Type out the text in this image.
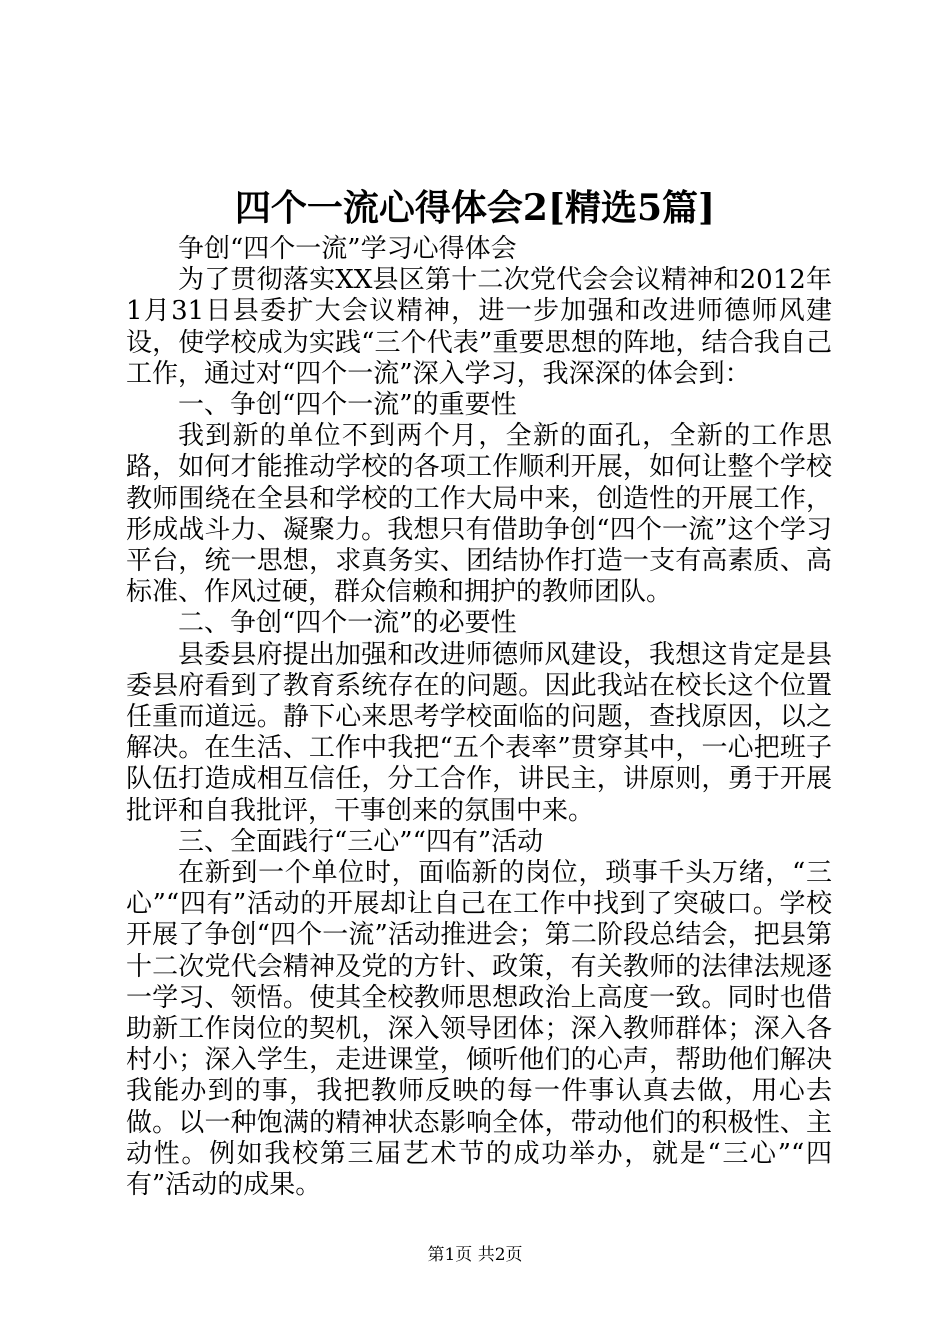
四个一流心得体会2[精选5篇]

争创“四个一流”学习心得体会

为了贯彻落实XX县区第十二次党代会会议精神和2012年1月31日县委扩大会议精神，进一步加强和改进师德师风建设，使学校成为实践“三个代表”重要思想的阵地，结合我自己工作，通过对“四个一流”深入学习，我深深的体会到：

一、争创“四个一流”的重要性

我到新的单位不到两个月，全新的面孔，全新的工作思路，如何才能推动学校的各项工作顺利开展，如何让整个学校教师围绕在全县和学校的工作大局中来，创造性的开展工作，形成战斗力、凝聚力。我想只有借助争创“四个一流”这个学习平台，统一思想，求真务实、团结协作打造一支有高素质、高标准、作风过硬，群众信赖和拥护的教师团队。

二、争创“四个一流”的必要性

县委县府提出加强和改进师德师风建设，我想这肯定是县委县府看到了教育系统存在的问题。因此我站在校长这个位置任重而道远。静下心来思考学校面临的问题，查找原因，以之解决。在生活、工作中我把“五个表率”贯穿其中，一心把班子队伍打造成相互信任，分工合作，讲民主，讲原则，勇于开展批评和自我批评，干事创来的氛围中来。

三、全面践行“三心”“四有”活动

在新到一个单位时，面临新的岗位，琐事千头万绪，“三心”“四有”活动的开展却让自己在工作中找到了突破口。学校开展了争创“四个一流”活动推进会；第二阶段总结会，把县第十二次党代会精神及党的方针、政策，有关教师的法律法规逐一学习、领悟。使其全校教师思想政治上高度一致。同时也借助新工作岗位的契机，深入领导团体；深入教师群体；深入各村小；深入学生，走进课堂，倾听他们的心声，帮助他们解决我能办到的事，我把教师反映的每一件事认真去做，用心去做。以一种饱满的精神状态影响全体，带动他们的积极性、主动性。例如我校第三届艺术节的成功举办，就是“三心”“四有”活动的成果。

第1页 共2页
